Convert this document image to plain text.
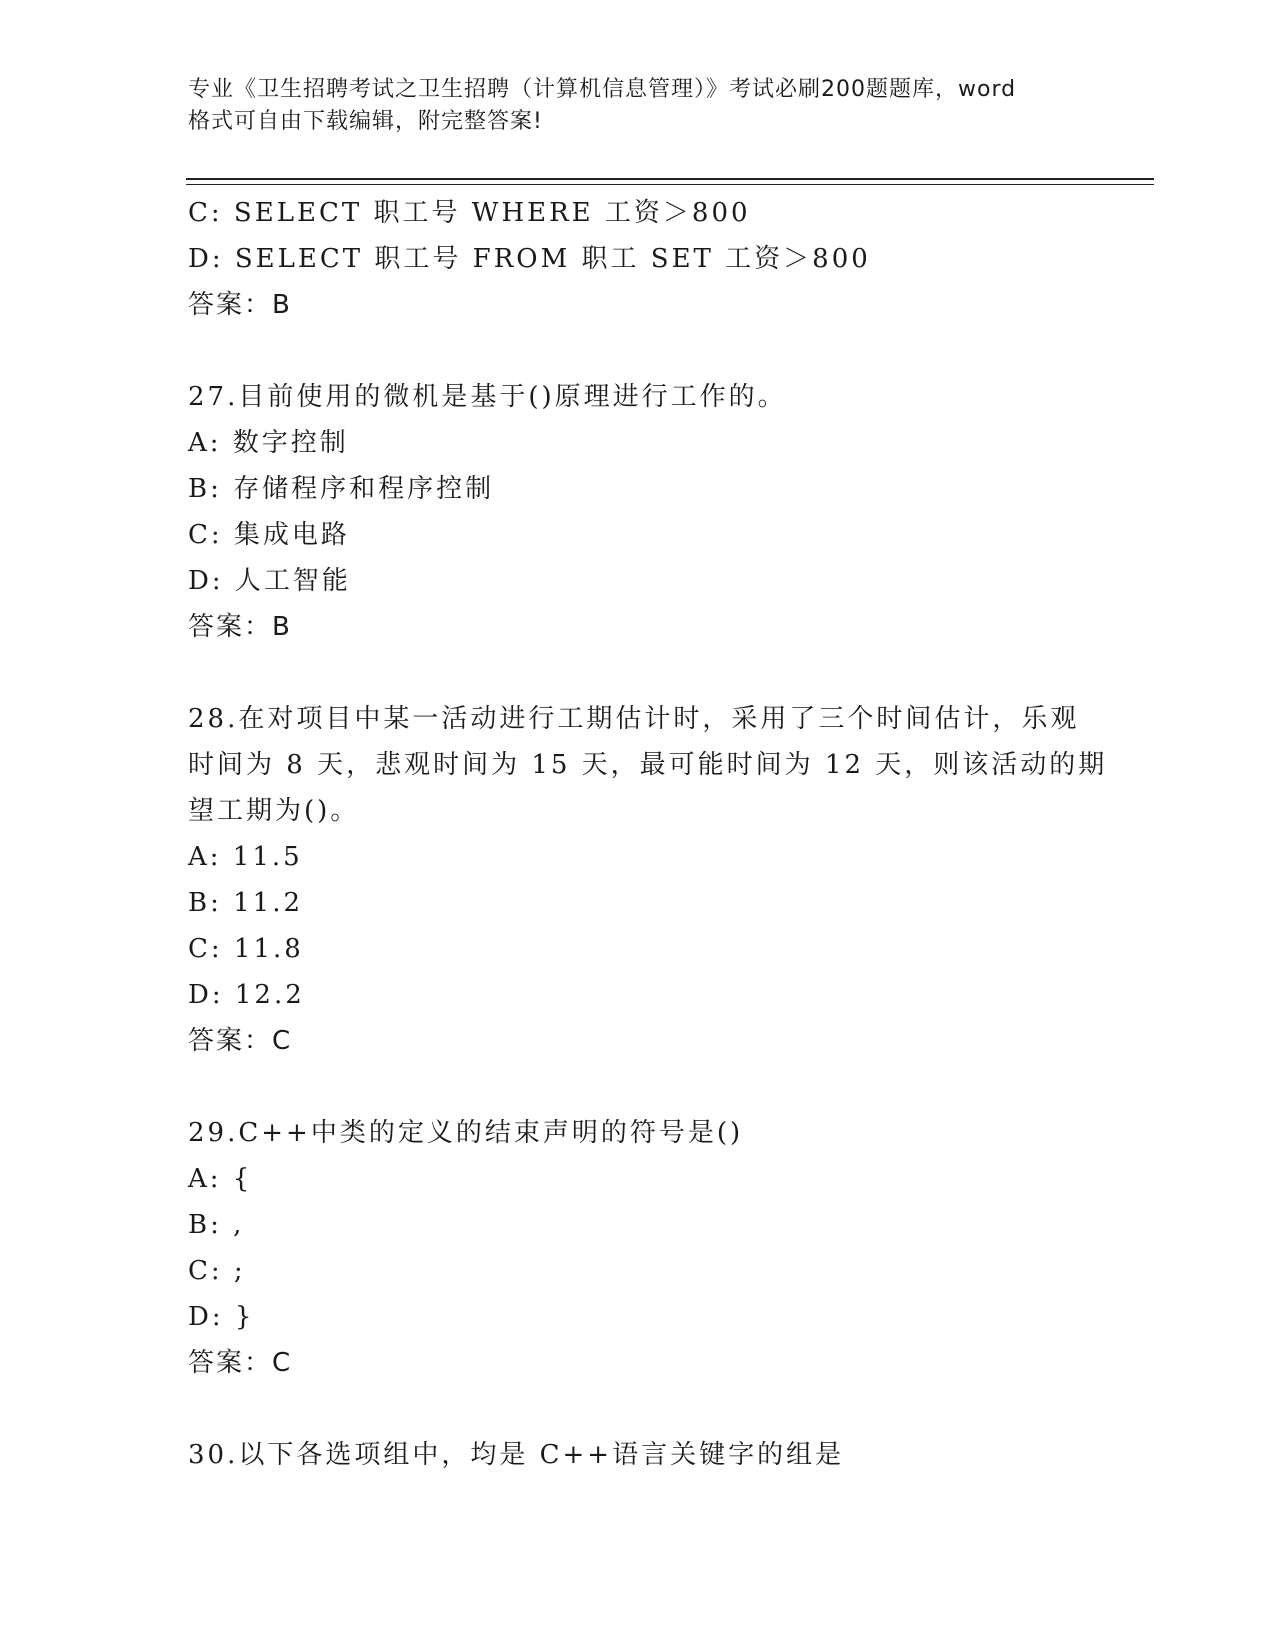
专业《卫生招聘考试之卫生招聘（计算机信息管理）》考试必刷200题题库，word
格式可自由下载编辑，附完整答案!
C: SELECT 职工号 WHERE 工资＞800
D: SELECT 职工号 FROM 职工 SET 工资＞800
答案：B
27.目前使用的微机是基于()原理进行工作的。
A: 数字控制
B: 存储程序和程序控制
C: 集成电路
D: 人工智能
答案：B
28.在对项目中某一活动进行工期估计时，采用了三个时间估计，乐观
时间为 8 天，悲观时间为 15 天，最可能时间为 12 天，则该活动的期
望工期为()。
A: 11.5
B: 11.2
C: 11.8
D: 12.2
答案：C
29.C++中类的定义的结束声明的符号是()
A: {
B: ,
C: ;
D: }
答案：C
30.以下各选项组中，均是 C++语言关键字的组是
